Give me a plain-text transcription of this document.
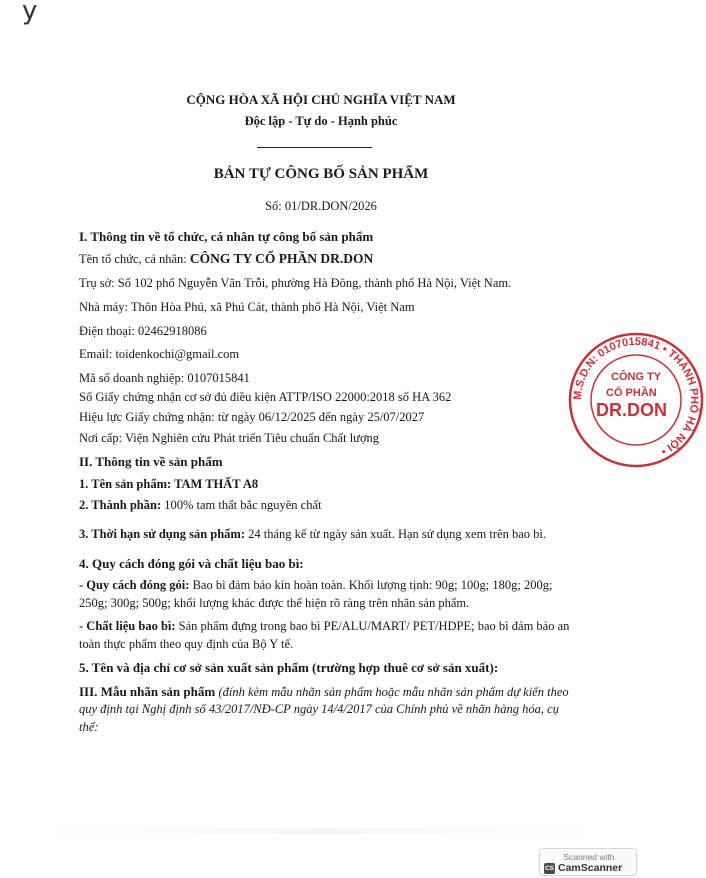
y
CỘNG HÒA XÃ HỘI CHỦ NGHĨA VIỆT NAM
Độc lập - Tự do - Hạnh phúc
BẢN TỰ CÔNG BỐ SẢN PHẨM
Số: 01/DR.DON/2026
I. Thông tin về tổ chức, cá nhân tự công bố sản phẩm
Tên tổ chức, cá nhân: CÔNG TY CỔ PHẦN DR.DON
Trụ sở: Số 102 phố Nguyễn Văn Trỗi, phường Hà Đông, thành phố Hà Nội, Việt Nam.
Nhà máy: Thôn Hòa Phú, xã Phú Cát, thành phố Hà Nội, Việt Nam
Điện thoại: 02462918086
Email: toidenkochi@gmail.com
Mã số doanh nghiệp: 0107015841
Số Giấy chứng nhận cơ sở đủ điều kiện ATTP/ISO 22000:2018 số HA 362
Hiệu lực Giấy chứng nhận: từ ngày 06/12/2025 đến ngày 25/07/2027
Nơi cấp: Viện Nghiên cứu Phát triển Tiêu chuẩn Chất lượng
II. Thông tin về sản phẩm
1. Tên sản phẩm: TAM THẤT A8
2. Thành phần: 100% tam thất bắc nguyên chất
3. Thời hạn sử dụng sản phẩm: 24 tháng kể từ ngày sản xuất. Hạn sử dụng xem trên bao bì.
4. Quy cách đóng gói và chất liệu bao bì:
- Quy cách đóng gói: Bao bì đảm bảo kín hoàn toàn. Khối lượng tịnh: 90g; 100g; 180g; 200g;
250g; 300g; 500g; khối lượng khác được thể hiện rõ ràng trên nhãn sản phẩm.
- Chất liệu bao bì: Sản phẩm đựng trong bao bì PE/ALU/MART/ PET/HDPE; bao bì đảm bảo an
toàn thực phẩm theo quy định của Bộ Y tế.
5. Tên và địa chỉ cơ sở sản xuất sản phẩm (trường hợp thuê cơ sở sản xuất):
III. Mẫu nhãn sản phẩm (đính kèm mẫu nhãn sản phẩm hoặc mẫu nhãn sản phẩm dự kiến theo
quy định tại Nghị định số 43/2017/NĐ-CP ngày 14/4/2017 của Chính phủ về nhãn hàng hóa, cụ
thể:
M.S.D.N: 0107015841 • THÀNH PHỐ HÀ NỘI •
CÔNG TY
CỔ PHẦN
DR.DON
Scanned with
CS CamScanner
